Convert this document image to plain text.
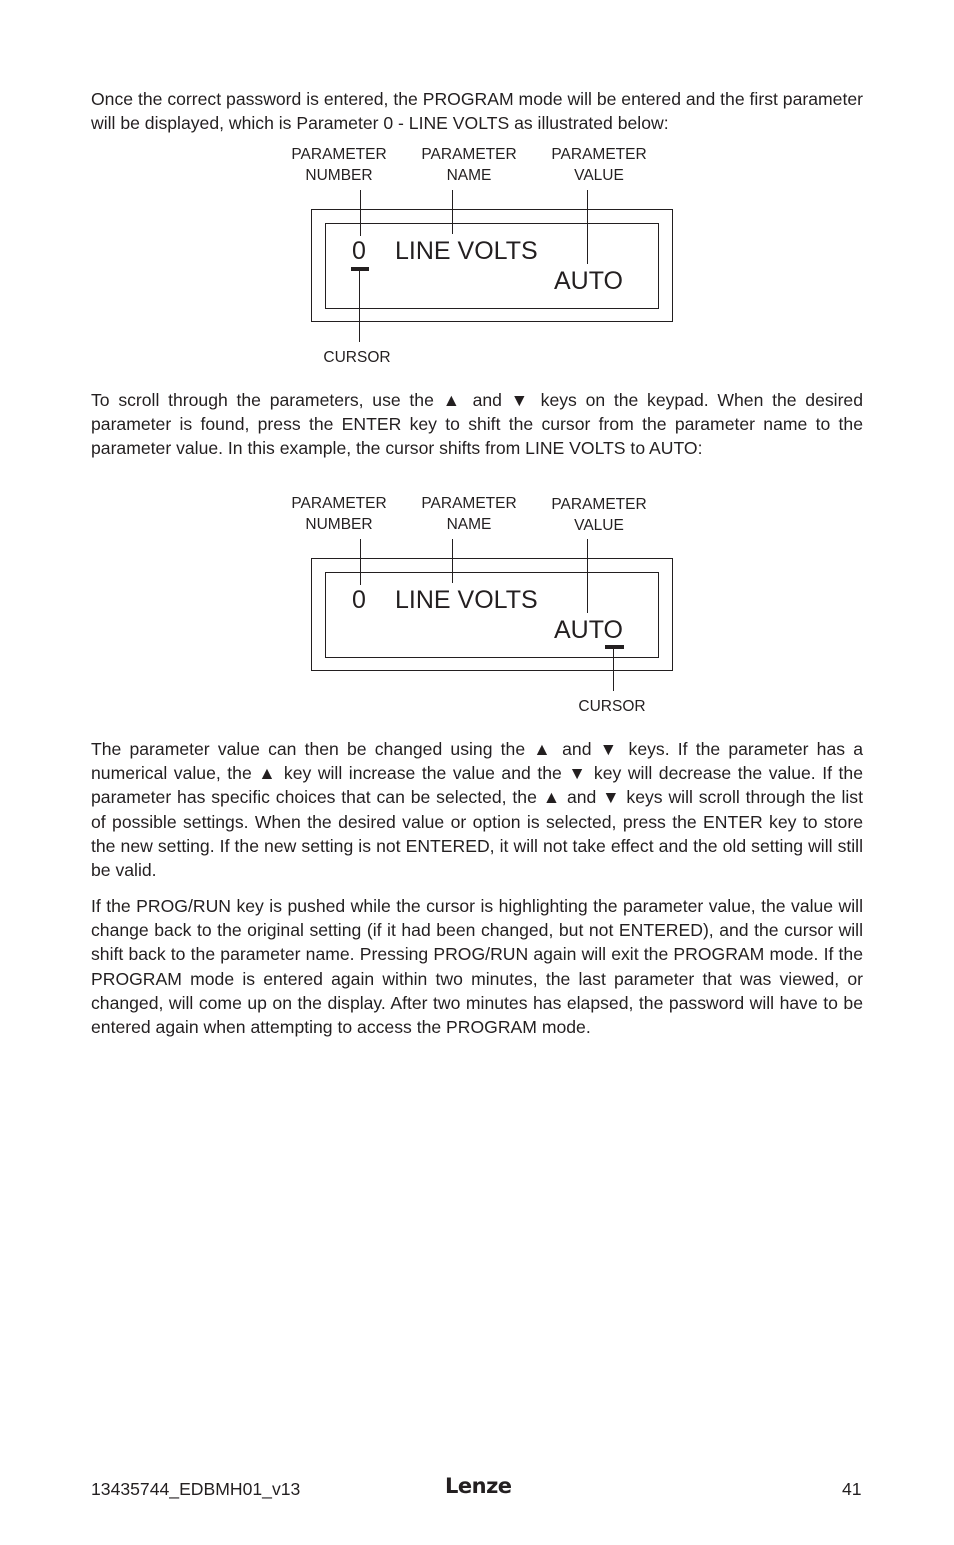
Once the correct password is entered, the PROGRAM mode will be entered and the first parameter will be displayed, which is Parameter 0 - LINE VOLTS as illustrated below:

PARAMETER
NUMBER
PARAMETER
NAME
PARAMETER
VALUE
0 LINE VOLTS
AUTO
CURSOR

To scroll through the parameters, use the ▲ and ▼ keys on the keypad. When the desired parameter is found, press the ENTER key to shift the cursor from the parameter name to the parameter value. In this example, the cursor shifts from LINE VOLTS to AUTO:

PARAMETER
NUMBER
PARAMETER
NAME
PARAMETER
VALUE
0 LINE VOLTS
AUTO
CURSOR

The parameter value can then be changed using the ▲ and ▼ keys. If the parameter has a numerical value, the ▲ key will increase the value and the ▼ key will decrease the value. If the parameter has specific choices that can be selected, the ▲ and ▼ keys will scroll through the list of possible settings. When the desired value or option is selected, press the ENTER key to store the new setting. If the new setting is not ENTERED, it will not take effect and the old setting will still be valid.

If the PROG/RUN key is pushed while the cursor is highlighting the parameter value, the value will change back to the original setting (if it had been changed, but not ENTERED), and the cursor will shift back to the parameter name. Pressing PROG/RUN again will exit the PROGRAM mode. If the PROGRAM mode is entered again within two minutes, the last parameter that was viewed, or changed, will come up on the display. After two minutes has elapsed, the password will have to be entered again when attempting to access the PROGRAM mode.

13435744_EDBMH01_v13	Lenze	41
